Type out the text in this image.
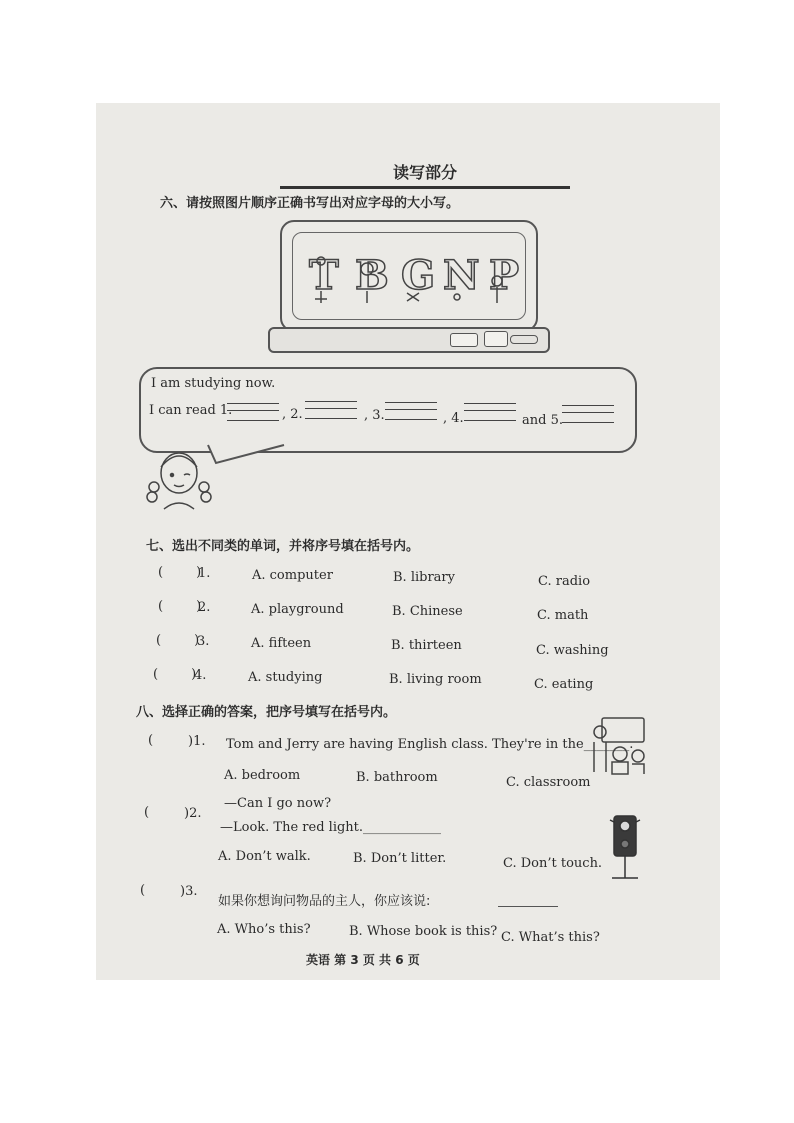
读写部分
六、请按照图片顺序正确书写出对应字母的大小写。
T B G N P
I am studying now.
I can read 1.	, 2.	, 3.	, 4.	and 5.
七、选出不同类的单词，并将序号填在括号内。
(        )
1.	A. computer	B. library	C. radio
(        )
2.	A. playground	B. Chinese	C. math
(        )
3.	A. fifteen	B. thirteen	C. washing
(        )
4.	A. studying	B. living room	C. eating
八、选择正确的答案，把序号填写在括号内。
(	)1. Tom and Jerry are having English class. They're in the_______.
A. bedroom	B. bathroom	C. classroom
(	)2.
—Can I go now?
—Look. The red light.____________
A. Don’t walk.	B. Don’t litter.	C. Don’t touch.
(	)3.
如果你想询问物品的主人，你应该说:
A. Who’s this?	B. Whose book is this? C. What’s this?
英语 第 3 页 共 6 页
